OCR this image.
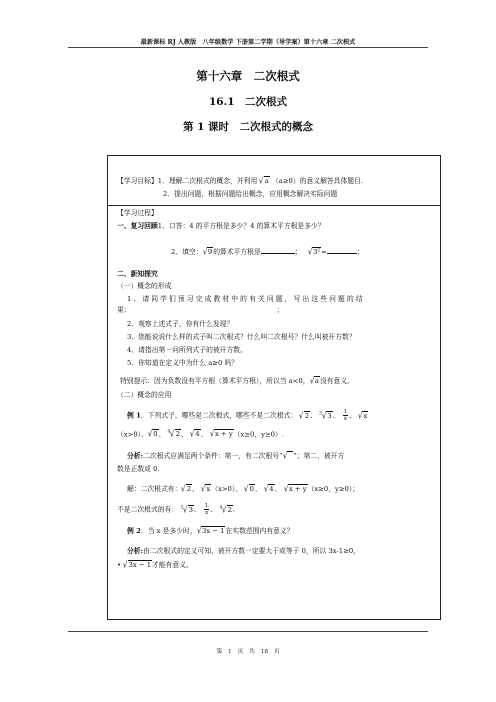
最新课标 RJ 人教版　八年级数学 下册第二学期（导学案）第十六章 二次根式
第十六章　二次根式
16.1　二次根式
第 1 课时　二次根式的概念
【学习目标】1．理解二次根式的概念，并利用 √a （a≥0）的意义解答具体题目.
2．提出问题，根据问题给出概念，应用概念解决实际问题
【学习过程】
一、复习回顾1、口答：4 的平方根是多少？4 的算术平方根是多少？
2、填空：√9的算术平方根是	； √3²=	；
二、新知探究
（一）概念的形成
1、请同学们预习完成教材中的有关问题，写出这些问题的结
果：	；
2、观察上述式子，你有什么发现？
3、您能说说什么样的式子叫二次根式？什么叫二次根号？什么叫被开方数？
4、请指出第一问所列式子的被开方数。
5、你知道在定义中为什么 a≥0 吗？
特别提示：因为负数没有平方根（算术平方根），所以当 a<0，√a没有意义。
（二）概念的应用
例 1．下列式子，哪些是二次根式，哪些不是二次根式： √2、 $^3$√3、 $\frac{1}{x}$ 、 √x
（x>0）、√0、 $^4$√2、 √4、 √x + y（x≥0，y≥0）.
分析:二次根式应满足两个条件：第一，有二次根号“√ ”；第二，被开方
数是正数或 0.
解：二次根式有：√2、 √x（x>0）、 √0、 √4、 √x + y（x≥0，y≥0）；
不是二次根式的有： $^3$√3、 $\frac{1}{x}$ 、 $^4$√2.
例 2．当 x 是多少时，√3x − 1在实数范围内有意义？
分析:由二次根式的定义可知，被开方数一定要大于或等于 0，所以 3x-1≥0，
• √3x − 1才能有意义。
第　1　页　共　18　页
